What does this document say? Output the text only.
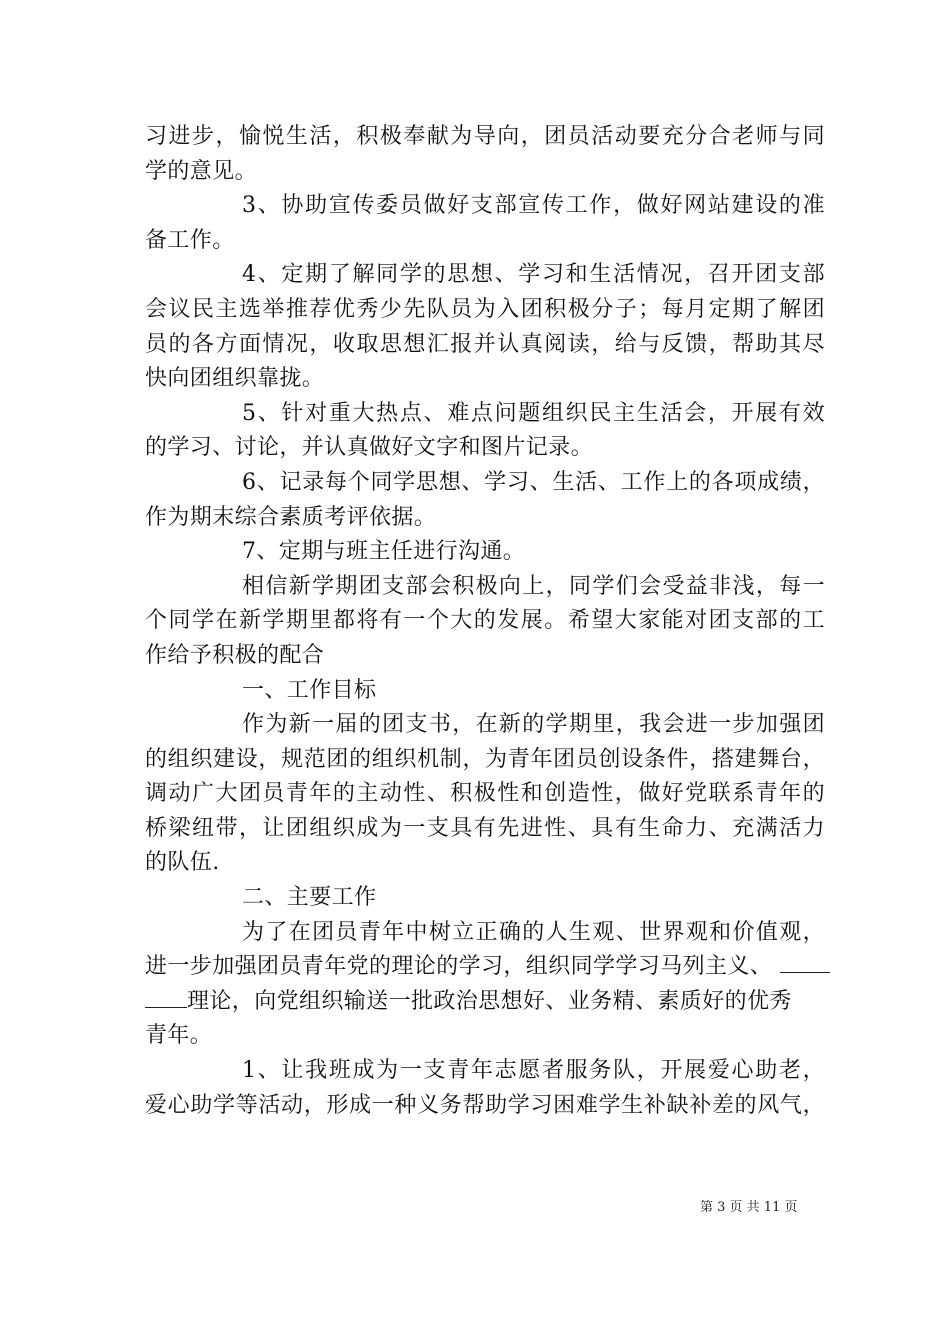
习进步，愉悦生活，积极奉献为导向，团员活动要充分合老师与同
学的意见。
3、协助宣传委员做好支部宣传工作，做好网站建设的准
备工作。
4、定期了解同学的思想、学习和生活情况，召开团支部
会议民主选举推荐优秀少先队员为入团积极分子；每月定期了解团
员的各方面情况，收取思想汇报并认真阅读，给与反馈，帮助其尽
快向团组织靠拢。
5、针对重大热点、难点问题组织民主生活会，开展有效
的学习、讨论，并认真做好文字和图片记录。
6、记录每个同学思想、学习、生活、工作上的各项成绩，
作为期末综合素质考评依据。
7、定期与班主任进行沟通。
相信新学期团支部会积极向上，同学们会受益非浅，每一
个同学在新学期里都将有一个大的发展。希望大家能对团支部的工
作给予积极的配合
一、工作目标
作为新一届的团支书，在新的学期里，我会进一步加强团
的组织建设，规范团的组织机制，为青年团员创设条件，搭建舞台，
调动广大团员青年的主动性、积极性和创造性，做好党联系青年的
桥梁纽带，让团组织成为一支具有先进性、具有生命力、充满活力
的队伍.
二、主要工作
为了在团员青年中树立正确的人生观、世界观和价值观，
进一步加强团员青年党的理论的学习，组织同学学习马列主义、
理论，向党组织输送一批政治思想好、业务精、素质好的优秀
青年。
1、让我班成为一支青年志愿者服务队，开展爱心助老，
爱心助学等活动，形成一种义务帮助学习困难学生补缺补差的风气，
第 3 页 共 11 页
